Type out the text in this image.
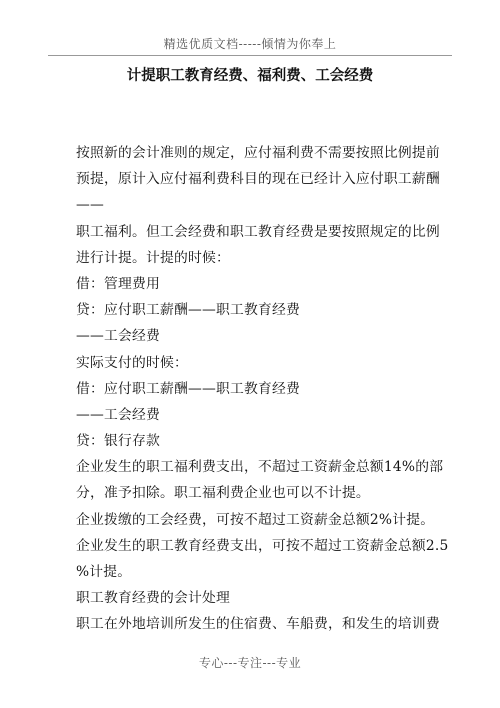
精选优质文档-----倾情为你奉上
计提职工教育经费、福利费、工会经费
按照新的会计准则的规定，应付福利费不需要按照比例提前
预提，原计入应付福利费科目的现在已经计入应付职工薪酬
——
职工福利。但工会经费和职工教育经费是要按照规定的比例
进行计提。计提的时候：
借：管理费用
贷：应付职工薪酬——职工教育经费
——工会经费
实际支付的时候：
借：应付职工薪酬——职工教育经费
——工会经费
贷：银行存款
企业发生的职工福利费支出，不超过工资薪金总额14%的部
分，准予扣除。职工福利费企业也可以不计提。
企业拨缴的工会经费，可按不超过工资薪金总额2%计提。
企业发生的职工教育经费支出，可按不超过工资薪金总额2.5
%计提。
职工教育经费的会计处理
职工在外地培训所发生的住宿费、车船费，和发生的培训费
专心---专注---专业
